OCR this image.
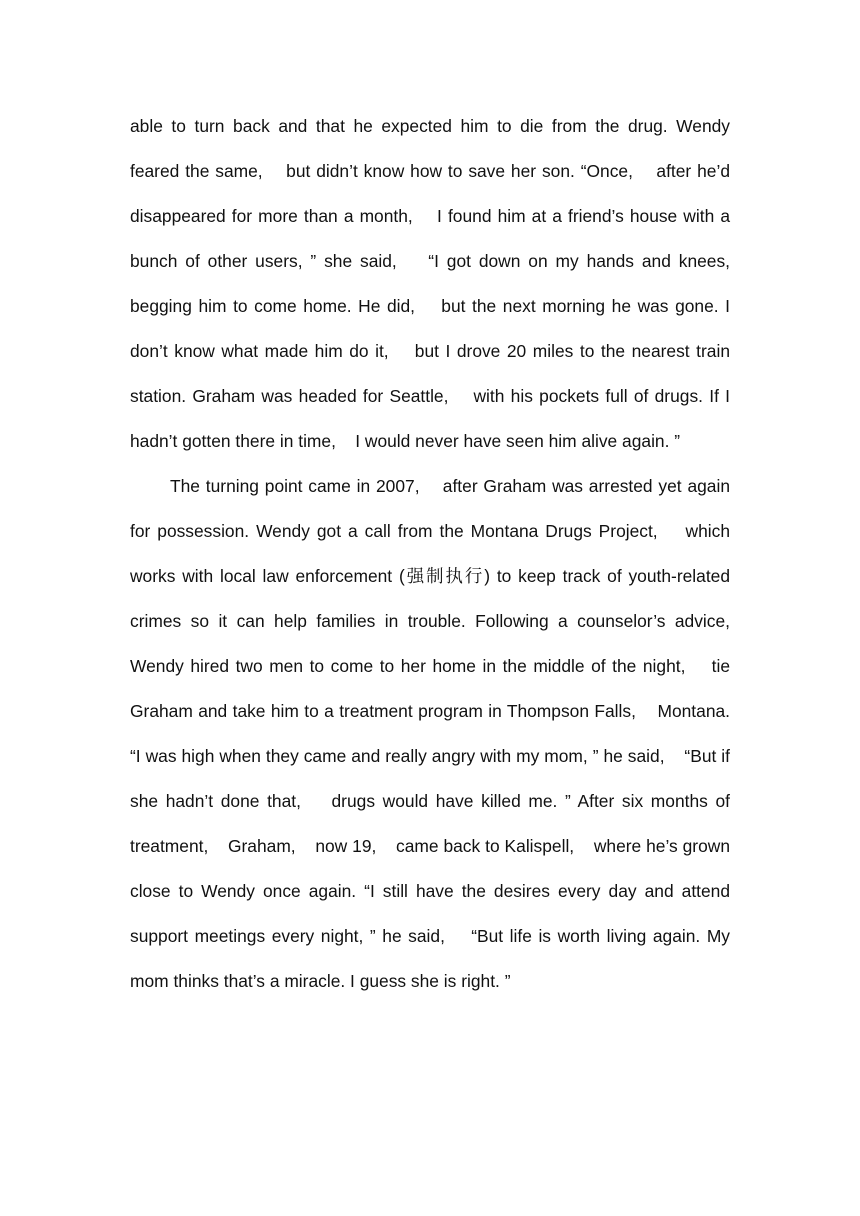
able to turn back and that he expected him to die from the drug. Wendy feared the same,    but didn’t know how to save her son. “Once,    after he’d disappeared for more than a month,    I found him at a friend’s house with a bunch of other users, ” she said,    “I got down on my hands and knees,    begging him to come home. He did,    but the next morning he was gone. I don’t know what made him do it,    but I drove 20 miles to the nearest train station. Graham was headed for Seattle,    with his pockets full of drugs. If I hadn’t gotten there in time,    I would never have seen him alive again. ”

The turning point came in 2007,    after Graham was arrested yet again for possession. Wendy got a call from the Montana Drugs Project,    which works with local law enforcement (强制执行) to keep track of youth-related crimes so it can help families in trouble. Following a counselor’s advice,    Wendy hired two men to come to her home in the middle of the night,    tie Graham and take him to a treatment program in Thompson Falls,    Montana. “I was high when they came and really angry with my mom, ” he said,    “But if she hadn’t done that,    drugs would have killed me. ” After six months of treatment,    Graham,    now 19,    came back to Kalispell,    where he’s grown close to Wendy once again. “I still have the desires every day and attend support meetings every night, ” he said,    “But life is worth living again. My mom thinks that’s a miracle. I guess she is right. ”
